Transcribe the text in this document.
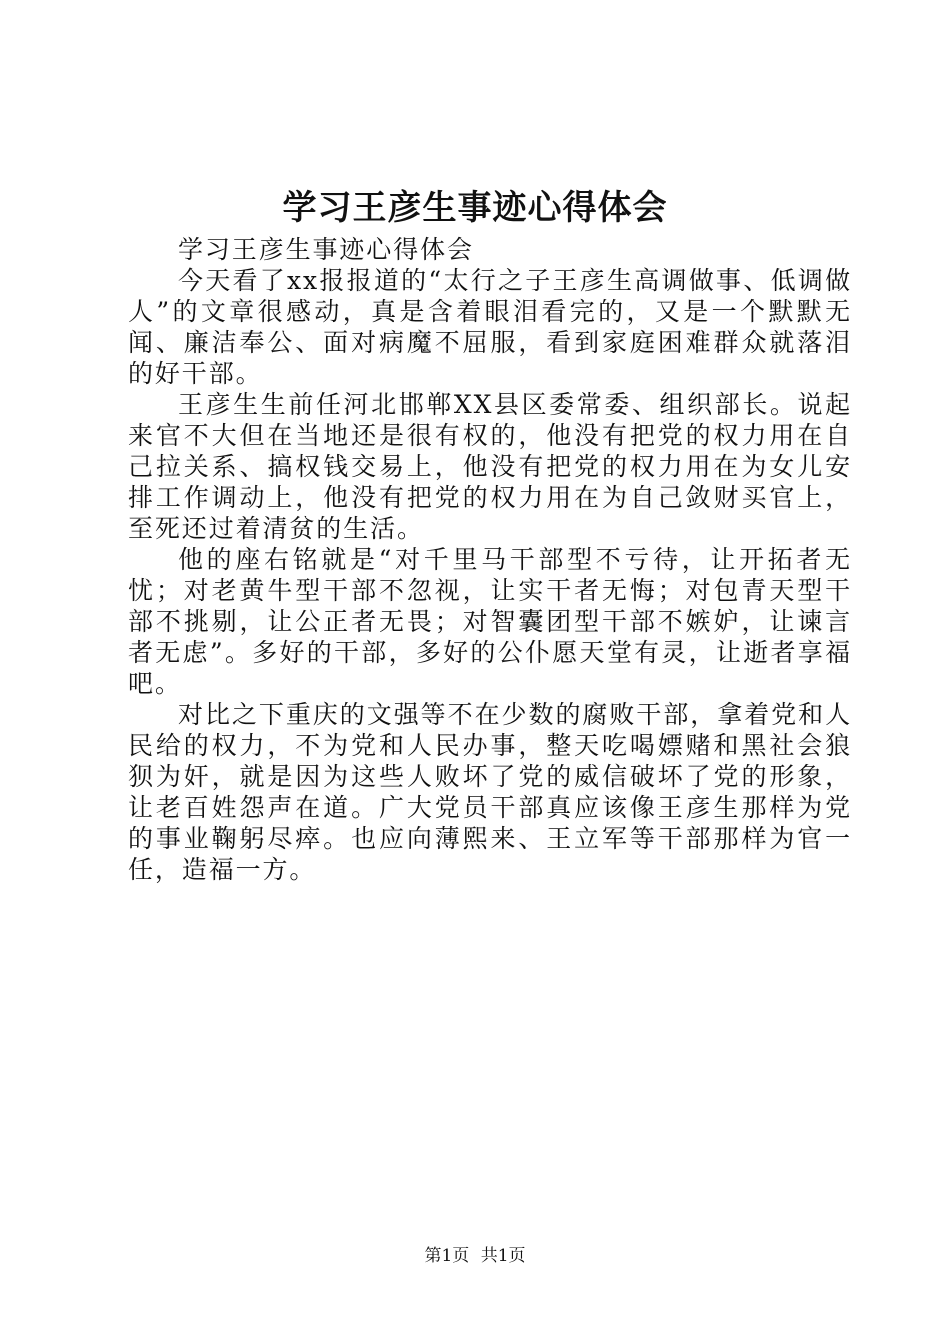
学习王彦生事迹心得体会

学习王彦生事迹心得体会

今天看了xx报报道的“太行之子王彦生高调做事、低调做人”的文章很感动，真是含着眼泪看完的，又是一个默默无闻、廉洁奉公、面对病魔不屈服，看到家庭困难群众就落泪的好干部。

王彦生生前任河北邯郸XX县区委常委、组织部长。说起来官不大但在当地还是很有权的，他没有把党的权力用在自己拉关系、搞权钱交易上，他没有把党的权力用在为女儿安排工作调动上，他没有把党的权力用在为自己敛财买官上，至死还过着清贫的生活。

他的座右铭就是“对千里马干部型不亏待，让开拓者无忧；对老黄牛型干部不忽视，让实干者无悔；对包青天型干部不挑剔，让公正者无畏；对智囊团型干部不嫉妒，让谏言者无虑”。多好的干部，多好的公仆愿天堂有灵，让逝者享福吧。

对比之下重庆的文强等不在少数的腐败干部，拿着党和人民给的权力，不为党和人民办事，整天吃喝嫖赌和黑社会狼狈为奸，就是因为这些人败坏了党的威信破坏了党的形象，让老百姓怨声在道。广大党员干部真应该像王彦生那样为党的事业鞠躬尽瘁。也应向薄熙来、王立军等干部那样为官一任，造福一方。

第1页 共1页
